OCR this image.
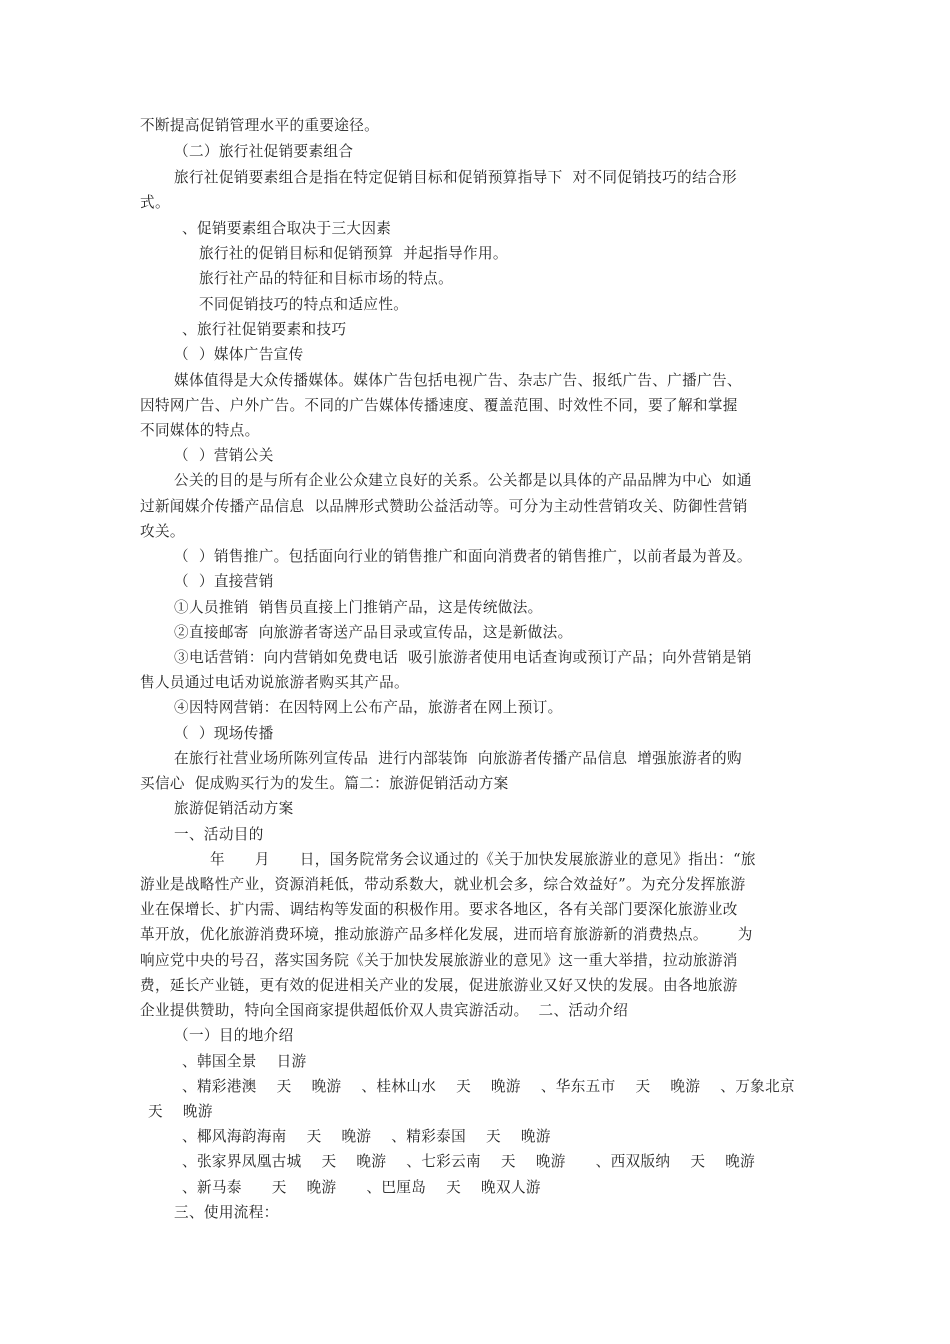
不断提高促销管理水平的重要途径。
（二）旅行社促销要素组合
旅行社促销要素组合是指在特定促销目标和促销预算指导下  对不同促销技巧的结合形
式。
、促销要素组合取决于三大因素
旅行社的促销目标和促销预算  并起指导作用。
旅行社产品的特征和目标市场的特点。
不同促销技巧的特点和适应性。
、旅行社促销要素和技巧
（  ）媒体广告宣传
媒体值得是大众传播媒体。媒体广告包括电视广告、杂志广告、报纸广告、广播广告、
因特网广告、户外广告。不同的广告媒体传播速度、覆盖范围、时效性不同，要了解和掌握
不同媒体的特点。
（  ）营销公关
公关的目的是与所有企业公众建立良好的关系。公关都是以具体的产品品牌为中心  如通
过新闻媒介传播产品信息  以品牌形式赞助公益活动等。可分为主动性营销攻关、防御性营销
攻关。
（  ）销售推广。包括面向行业的销售推广和面向消费者的销售推广，以前者最为普及。
（  ）直接营销
①人员推销  销售员直接上门推销产品，这是传统做法。
②直接邮寄  向旅游者寄送产品目录或宣传品，这是新做法。
③电话营销：向内营销如免费电话  吸引旅游者使用电话查询或预订产品；向外营销是销
售人员通过电话劝说旅游者购买其产品。
④因特网营销：在因特网上公布产品，旅游者在网上预订。
（  ）现场传播
在旅行社营业场所陈列宣传品  进行内部装饰  向旅游者传播产品信息  增强旅游者的购
买信心  促成购买行为的发生。篇二：旅游促销活动方案
旅游促销活动方案
一、活动目的
年      月      日，国务院常务会议通过的《关于加快发展旅游业的意见》指出：“旅
游业是战略性产业，资源消耗低，带动系数大，就业机会多，综合效益好”。为充分发挥旅游
业在保增长、扩内需、调结构等发面的积极作用。要求各地区，各有关部门要深化旅游业改
革开放，优化旅游消费环境，推动旅游产品多样化发展，进而培育旅游新的消费热点。      为
响应党中央的号召，落实国务院《关于加快发展旅游业的意见》这一重大举措，拉动旅游消
费，延长产业链，更有效的促进相关产业的发展，促进旅游业又好又快的发展。由各地旅游
企业提供赞助，特向全国商家提供超低价双人贵宾游活动。  二、活动介绍
（一）目的地介绍
、韩国全景    日游
、精彩港澳    天    晚游    、桂林山水    天    晚游    、华东五市    天    晚游    、万象北京
天    晚游
、椰风海韵海南    天    晚游    、精彩泰国    天    晚游
、张家界凤凰古城    天    晚游    、七彩云南    天    晚游      、西双版纳    天    晚游
、新马泰      天    晚游      、巴厘岛    天    晚双人游
三、使用流程：
